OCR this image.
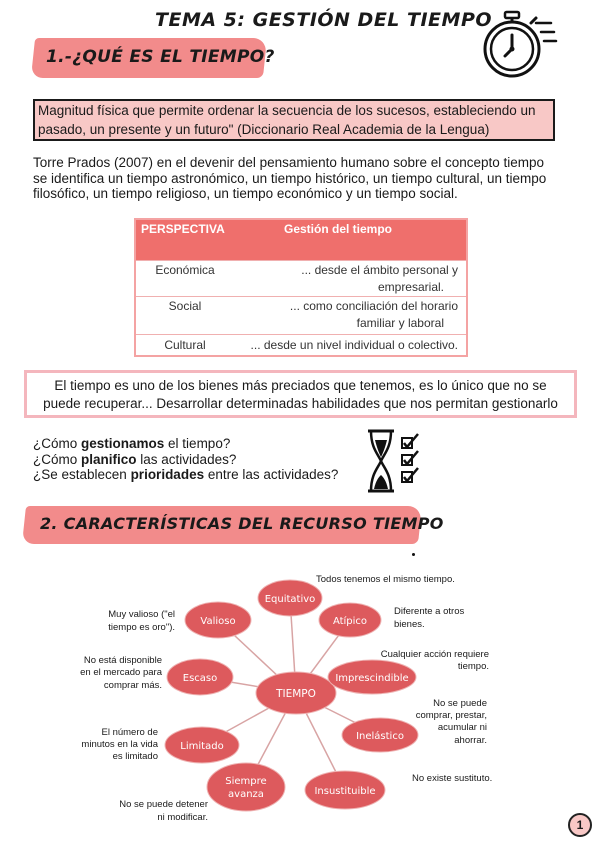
TEMA 5: GESTIÓN DEL TIEMPO
1.-¿QUÉ ES EL TIEMPO?
Magnitud física que permite ordenar la secuencia de los sucesos, estableciendo un pasado, un presente y un futuro" (Diccionario Real Academia de la Lengua)
Torre Prados (2007) en el devenir del pensamiento humano sobre el concepto tiempo se identifica un tiempo astronómico, un tiempo histórico, un tiempo cultural, un tiempo filosófico, un tiempo religioso, un tiempo económico y un tiempo social.
PERSPECTIVA	Gestión del tiempo
Económica	... desde el ámbito personal y
empresarial.
Social	... como conciliación del horario
familiar y laboral
Cultural	... desde un nivel individual o colectivo.
El tiempo es uno de los bienes más preciados que tenemos, es lo único que no se
puede recuperar... Desarrollar determinadas habilidades que nos permitan gestionarlo
¿Cómo gestionamos el tiempo?
¿Cómo planifico las actividades?
¿Se establecen prioridades entre las actividades?
2. CARACTERÍSTICAS DEL RECURSO TIEMPO
TIEMPO
Equitativo
Atípico
Imprescindible
Inelástico
Insustituible
Siempre
avanza
Limitado
Escaso
Valioso
Todos tenemos el mismo tiempo.
Diferente a otros
bienes.
Cualquier acción requiere
tiempo.
No se puede
comprar, prestar,
acumular ni
ahorrar.
No existe sustituto.
No se puede detener
ni modificar.
El número de
minutos en la vida
es limitado
No está disponible
en el mercado para
comprar más.
Muy valioso ("el
tiempo es oro").
1
